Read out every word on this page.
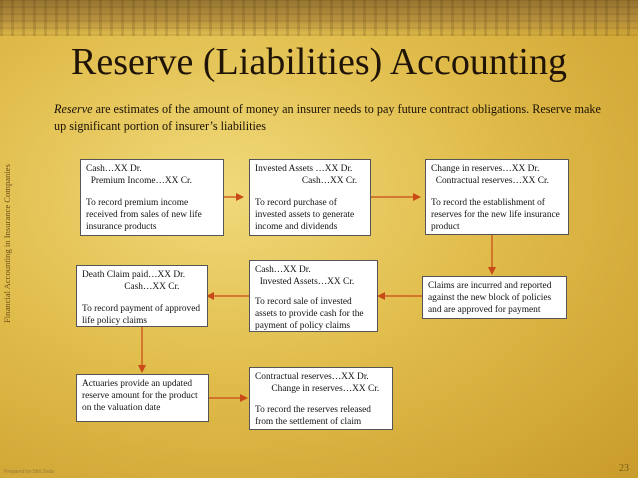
Reserve (Liabilities) Accounting
Reserve are estimates of the amount of money an insurer needs to pay future contract obligations. Reserve make up significant portion of insurer’s liabilities
Financial Accounting in Insurance Companies	Cash…XX Dr.
Premium Income…XX Cr.
To record premium income received from sales of new life insurance products
Invested Assets …XX Dr.
Cash…XX Cr.
To record purchase of invested assets to generate income and dividends
Change in reserves…XX Dr.
Contractual reserves…XX Cr.
To record the establishment of reserves for the new life insurance product
Death Claim paid…XX Dr.
Cash…XX Cr.
To record payment of approved life policy claims
Cash…XX Dr.
Invested Assets…XX Cr.
To record sale of invested assets to provide cash for the payment of policy claims
Claims are incurred and reported against the new block of policies and are approved for payment
Actuaries provide an updated reserve amount for the product on the valuation date
Contractual reserves…XX Dr.
Change in reserves…XX Cr.
To record the reserves released from the settlement of claim
23
Prepared by Sitti Zeda
